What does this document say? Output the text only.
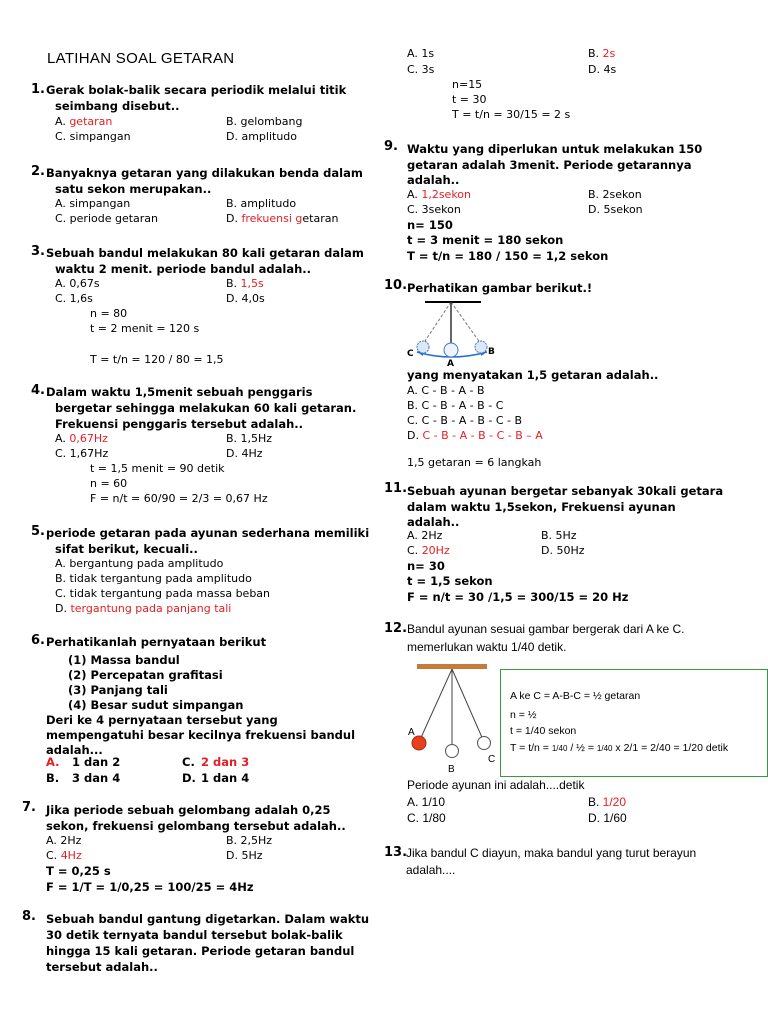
LATIHAN SOAL GETARAN
1. Gerak bolak-balik secara periodik melalui titik
seimbang disebut..
A. getaran	B. gelombang
C. simpangan	D. amplitudo
2. Banyaknya getaran yang dilakukan benda dalam
satu sekon merupakan..
A. simpangan	B. amplitudo
C. periode getaran	D. frekuensi getaran
3. Sebuah bandul melakukan 80 kali getaran dalam
waktu 2 menit. periode bandul adalah..
A. 0,67s	B. 1,5s
C. 1,6s	D. 4,0s
n = 80
t = 2 menit = 120 s
T = t/n = 120 / 80 = 1,5
4. Dalam waktu 1,5menit sebuah penggaris
bergetar sehingga melakukan 60 kali getaran.
Frekuensi penggaris tersebut adalah..
A. 0,67Hz	B. 1,5Hz
C. 1,67Hz	D. 4Hz
t = 1,5 menit = 90 detik
n = 60
F = n/t = 60/90 = 2/3 = 0,67 Hz
5. periode getaran pada ayunan sederhana memiliki
sifat berikut, kecuali..
A. bergantung pada amplitudo
B. tidak tergantung pada amplitudo
C. tidak tergantung pada massa beban
D. tergantung pada panjang tali
6. Perhatikanlah pernyataan berikut
(1) Massa bandul
(2) Percepatan grafitasi
(3) Panjang tali
(4) Besar sudut simpangan
Deri ke 4 pernyataan tersebut yang
mempengatuhi besar kecilnya frekuensi bandul
adalah...
A. 1 dan 2	C. 2 dan 3
B. 3 dan 4	D. 1 dan 4
7. Jika periode sebuah gelombang adalah 0,25
sekon, frekuensi gelombang tersebut adalah..
A. 2Hz	B. 2,5Hz
C. 4Hz	D. 5Hz
T = 0,25 s
F = 1/T = 1/0,25 = 100/25 = 4Hz
8. Sebuah bandul gantung digetarkan. Dalam waktu
30 detik ternyata bandul tersebut bolak-balik
hingga 15 kali getaran. Periode getaran bandul
tersebut adalah..
A. 1s	B. 2s
C. 3s	D. 4s
n=15
t = 30
T = t/n = 30/15 = 2 s
9. Waktu yang diperlukan untuk melakukan 150
getaran adalah 3menit. Periode getarannya
adalah..
A. 1,2sekon	B. 2sekon
C. 3sekon	D. 5sekon
n= 150
t = 3 menit = 180 sekon
T = t/n = 180 / 150 = 1,2 sekon
10. Perhatikan gambar berikut.!
C
A
B
yang menyatakan 1,5 getaran adalah..
A. C - B - A - B
B. C - B - A - B - C
C. C - B - A - B - C - B
D. C - B - A - B - C - B – A
1,5 getaran = 6 langkah
11. Sebuah ayunan bergetar sebanyak 30kali getara
dalam waktu 1,5sekon, Frekuensi ayunan
adalah..
A. 2Hz	B. 5Hz
C. 20Hz	D. 50Hz
n= 30
t = 1,5 sekon
F = n/t = 30 /1,5 = 300/15 = 20 Hz
12. Bandul ayunan sesuai gambar bergerak dari A ke C.
memerlukan waktu 1/40 detik.
A
B
C
A ke C = A-B-C = ½ getaran
n = ½
t = 1/40 sekon
T = t/n = 1/40 / ½ = 1/40 x 2/1 = 2/40 = 1/20 detik
Periode ayunan ini adalah....detik
A. 1/10	B. 1/20
C. 1/80	D. 1/60
13.
Jika bandul C diayun, maka bandul yang turut berayun
adalah....
